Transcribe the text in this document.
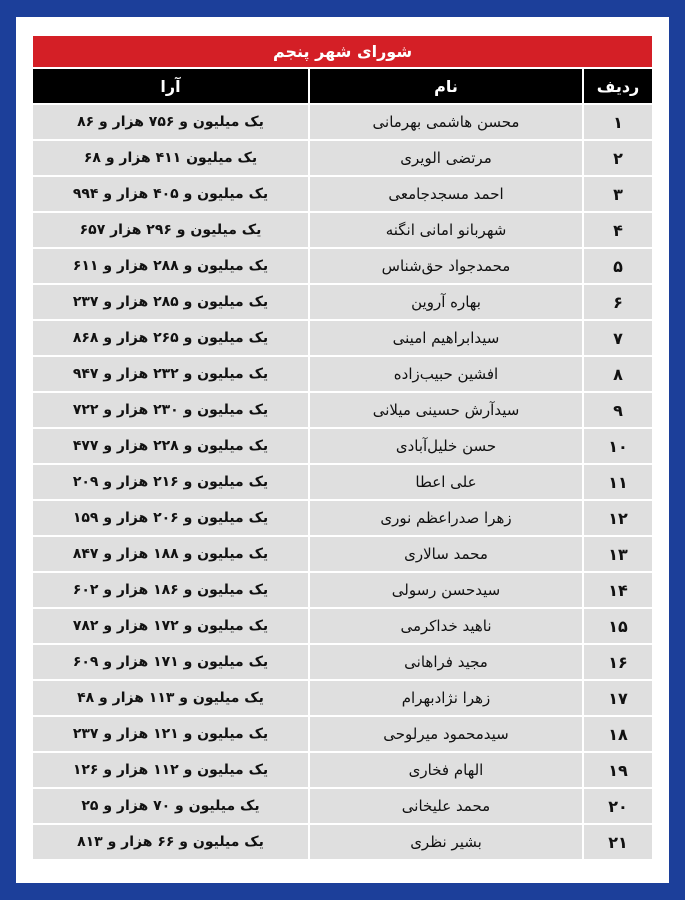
شورای شهر پنجم
ردیف
نام
آرا
۱
محسن هاشمی بهرمانی
یک میلیون و ۷۵۶ هزار و ۸۶
۲
مرتضی الویری
یک میلیون ۴۱۱ هزار و ۶۸
۳
احمد مسجدجامعی
یک میلیون و ۴۰۵ هزار و ۹۹۴
۴
شهربانو امانی انگنه
یک میلیون و ۲۹۶ هزار ۶۵۷
۵
محمدجواد حق‌شناس
یک میلیون و ۲۸۸ هزار و ۶۱۱
۶
بهاره آروین
یک میلیون و ۲۸۵ هزار و ۲۳۷
۷
سیدابراهیم امینی
یک میلیون و ۲۶۵ هزار و ۸۶۸
۸
افشین حبیب‌زاده
یک میلیون و ۲۳۲ هزار و ۹۴۷
۹
سیدآرش حسینی میلانی
یک میلیون و ۲۳۰ هزار و ۷۲۲
۱۰
حسن خلیل‌آبادی
یک میلیون و ۲۲۸ هزار و ۴۷۷
۱۱
علی اعطا
یک میلیون و ۲۱۶ هزار و ۲۰۹
۱۲
زهرا صدراعظم نوری
یک میلیون و ۲۰۶ هزار و ۱۵۹
۱۳
محمد سالاری
یک میلیون و ۱۸۸ هزار و ۸۴۷
۱۴
سیدحسن رسولی
یک میلیون و ۱۸۶ هزار و ۶۰۲
۱۵
ناهید خداکرمی
یک میلیون و ۱۷۲ هزار و ۷۸۲
۱۶
مجید فراهانی
یک میلیون و ۱۷۱ هزار و ۶۰۹
۱۷
زهرا نژادبهرام
یک میلیون و ۱۱۳ هزار و ۴۸
۱۸
سیدمحمود میرلوحی
یک میلیون و ۱۲۱ هزار و ۲۳۷
۱۹
الهام فخاری
یک میلیون و ۱۱۲ هزار و ۱۲۶
۲۰
محمد علیخانی
یک میلیون و ۷۰ هزار و ۲۵
۲۱
بشیر نظری
یک میلیون و ۶۶ هزار و ۸۱۳
